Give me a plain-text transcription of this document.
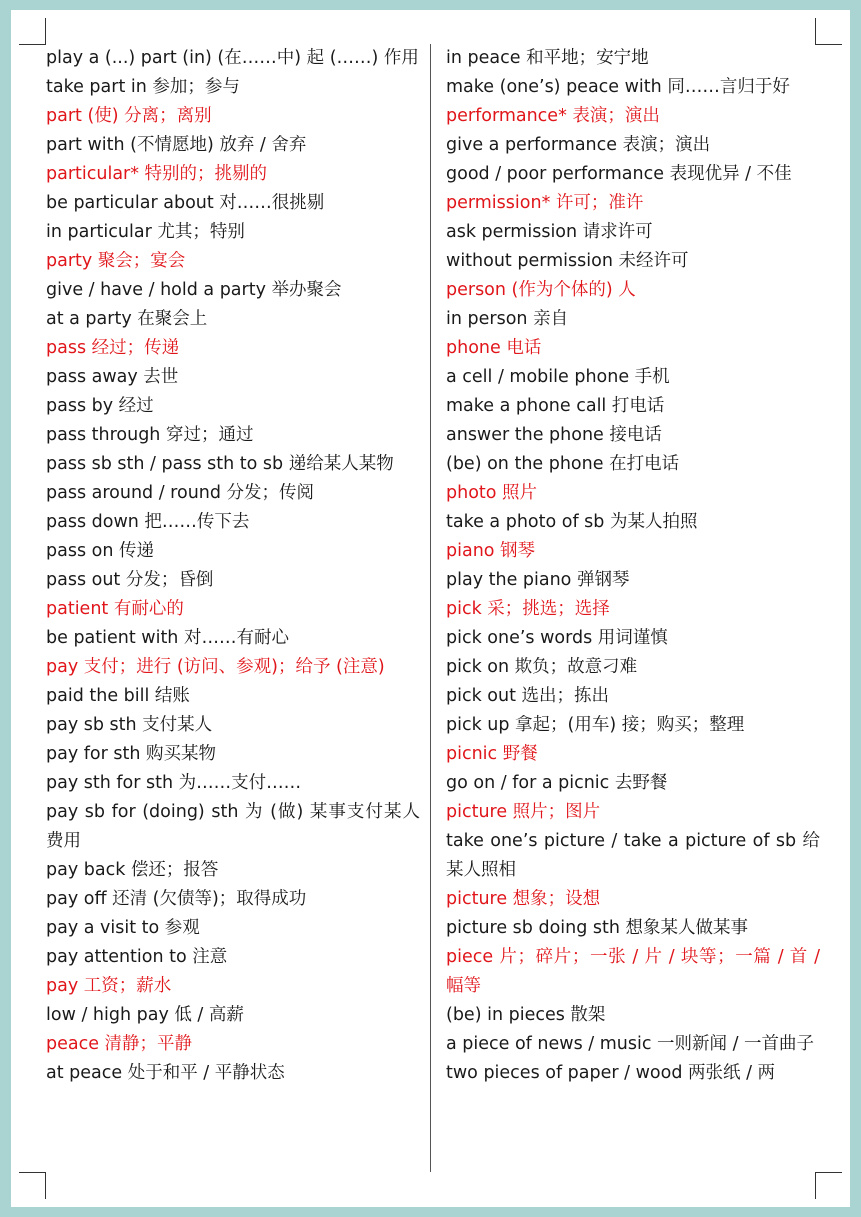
play a (...) part (in) (在……中) 起 (……) 作用
take part in 参加；参与
part (使) 分离；离别
part with (不情愿地) 放弃 / 舍弃
particular* 特别的；挑剔的
be particular about 对……很挑剔
in particular 尤其；特别
party 聚会；宴会
give / have / hold a party 举办聚会
at a party 在聚会上
pass 经过；传递
pass away 去世
pass by 经过
pass through 穿过；通过
pass sb sth / pass sth to sb 递给某人某物
pass around / round 分发；传阅
pass down 把……传下去
pass on 传递
pass out 分发；昏倒
patient 有耐心的
be patient with 对……有耐心
pay 支付；进行 (访问、参观)；给予 (注意)
paid the bill 结账
pay sb sth 支付某人
pay for sth 购买某物
pay sth for sth 为……支付……
pay sb for (doing) sth 为 (做) 某事支付某人费用
pay back 偿还；报答
pay off 还清 (欠债等)；取得成功
pay a visit to 参观
pay attention to 注意
pay 工资；薪水
low / high pay 低 / 高薪
peace 清静；平静
at peace 处于和平 / 平静状态
in peace 和平地；安宁地
make (one’s) peace with 同……言归于好
performance* 表演；演出
give a performance 表演；演出
good / poor performance 表现优异 / 不佳
permission* 许可；准许
ask permission 请求许可
without permission 未经许可
person (作为个体的) 人
in person 亲自
phone 电话
a cell / mobile phone 手机
make a phone call 打电话
answer the phone 接电话
(be) on the phone 在打电话
photo 照片
take a photo of sb 为某人拍照
piano 钢琴
play the piano 弹钢琴
pick 采；挑选；选择
pick one’s words 用词谨慎
pick on 欺负；故意刁难
pick out 选出；拣出
pick up 拿起；(用车) 接；购买；整理
picnic 野餐
go on / for a picnic 去野餐
picture 照片；图片
take one’s picture / take a picture of sb 给某人照相
picture 想象；设想
picture sb doing sth 想象某人做某事
piece 片；碎片；一张 / 片 / 块等；一篇 / 首 / 幅等
(be) in pieces 散架
a piece of news / music 一则新闻 / 一首曲子
two pieces of paper / wood 两张纸 / 两
